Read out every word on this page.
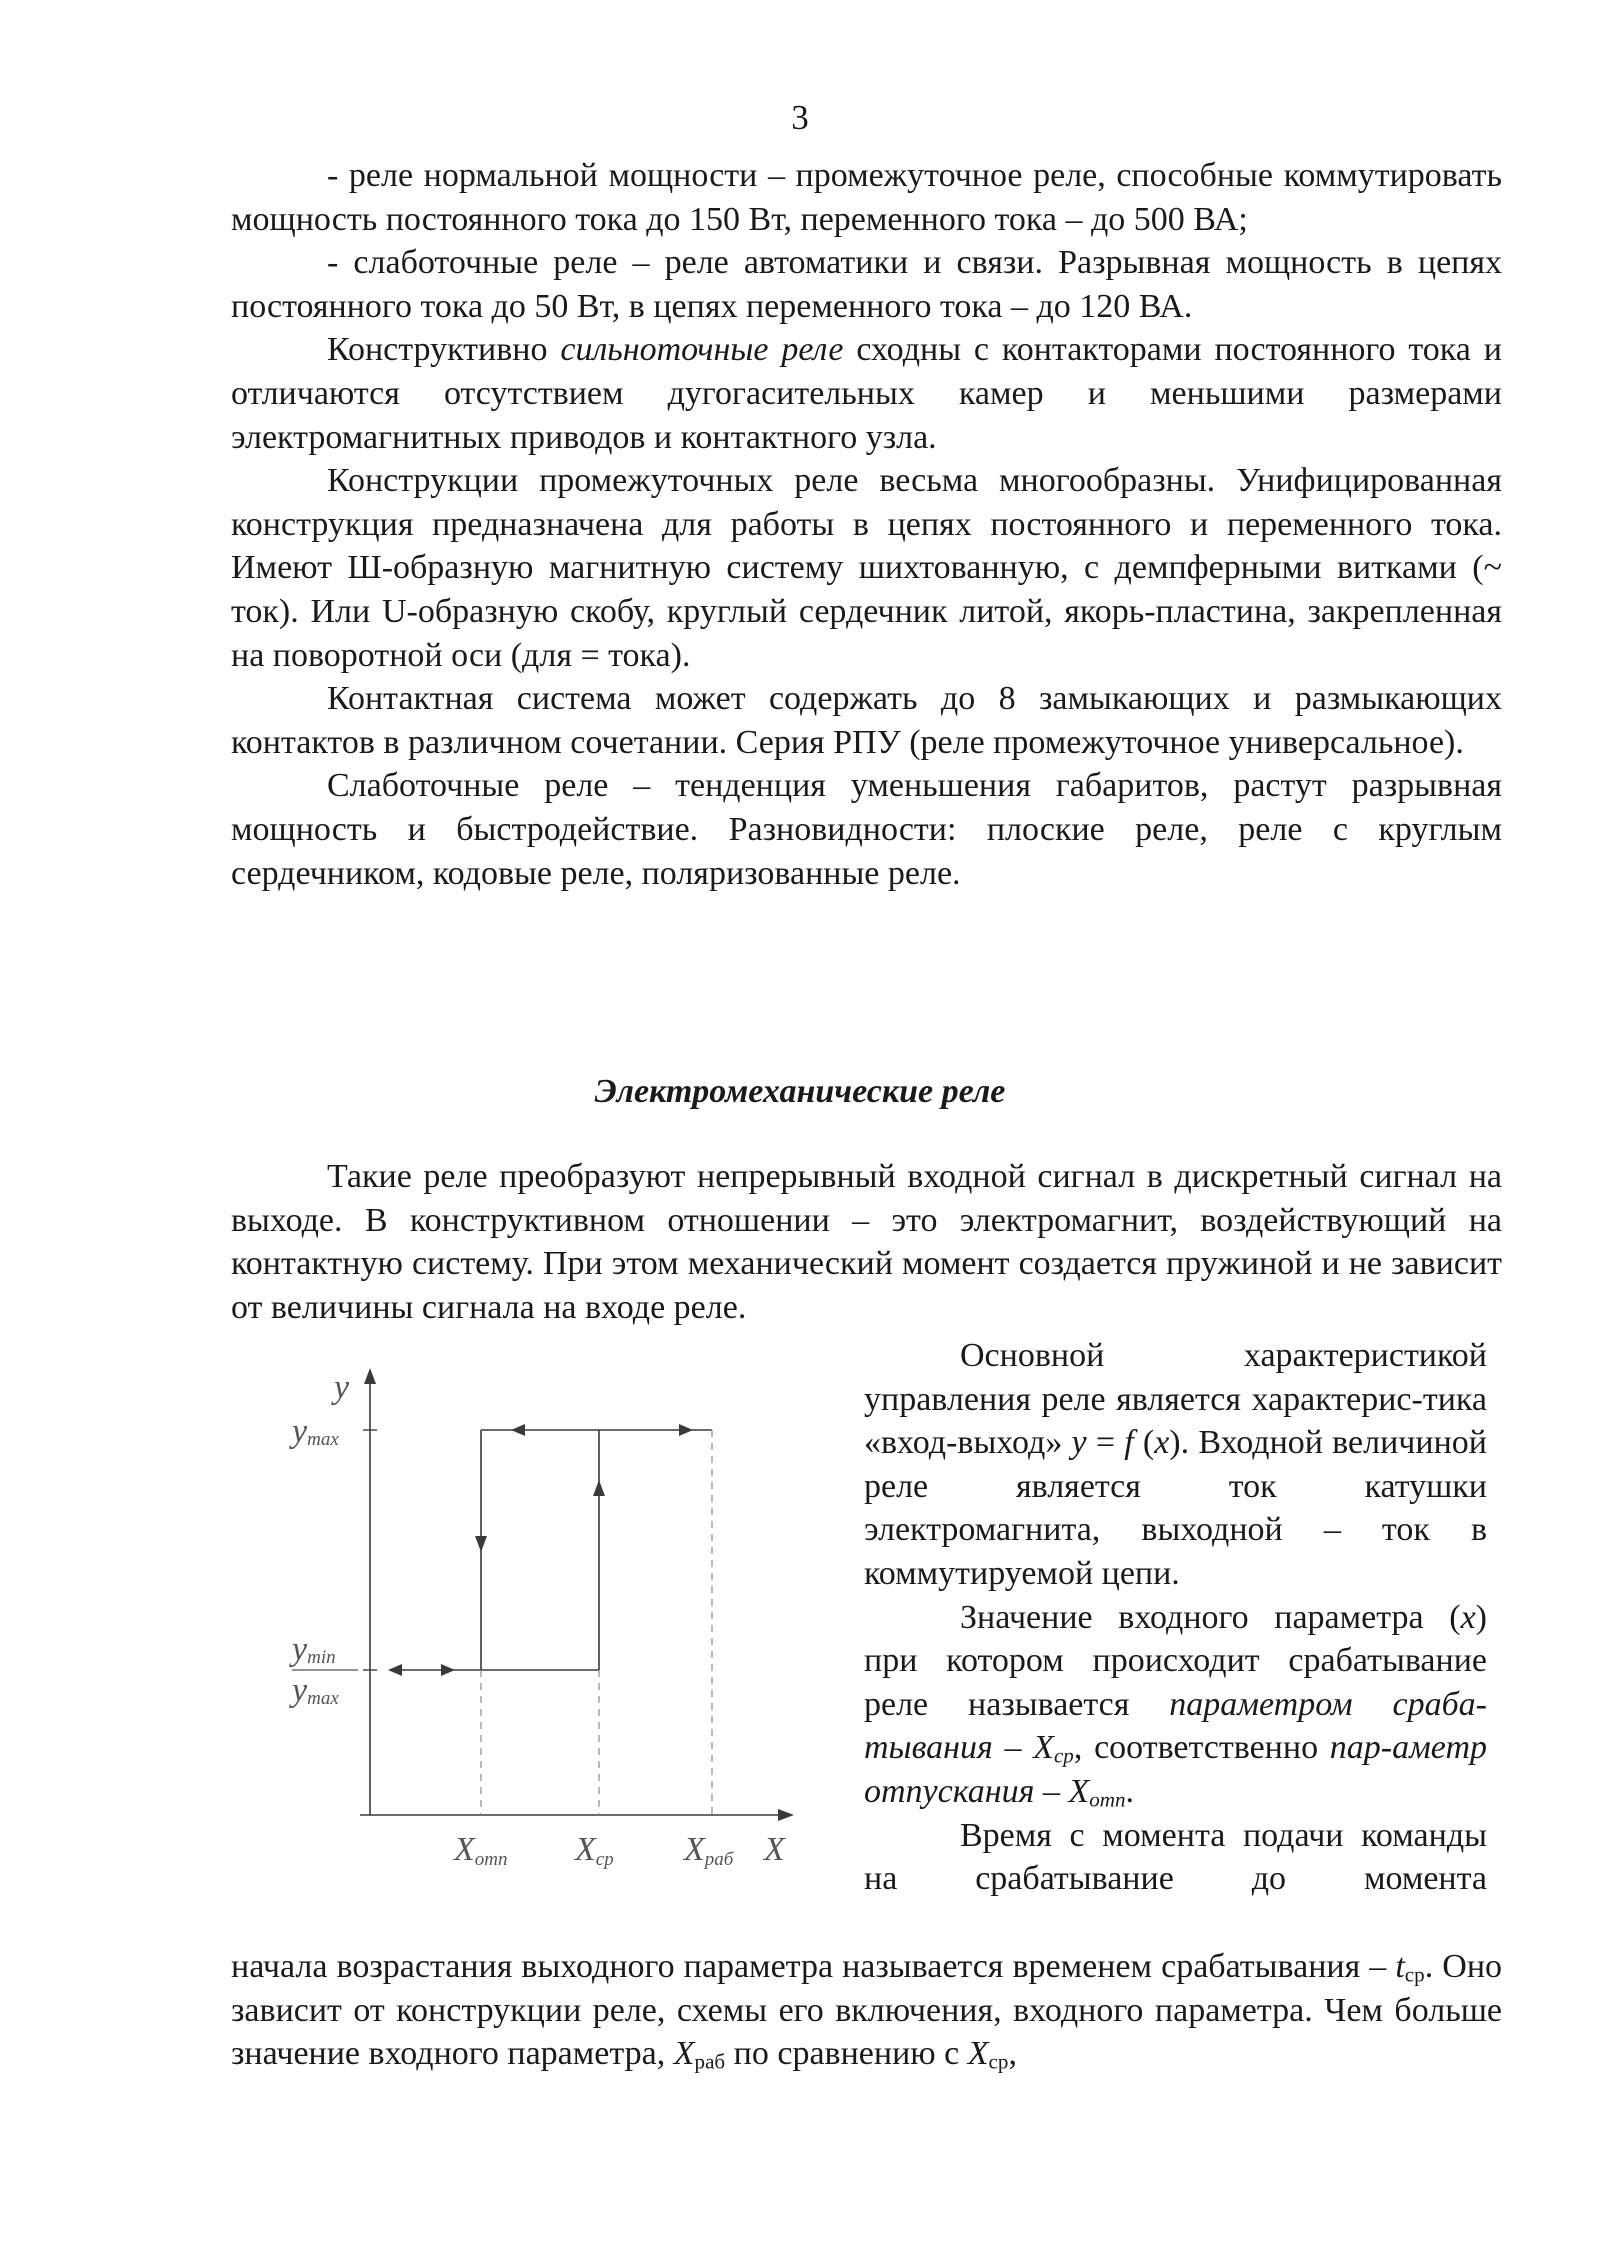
3

- реле нормальной мощности – промежуточное реле, способные коммутировать мощность постоянного тока до 150 Вт, переменного тока – до 500 ВА;

- слаботочные реле – реле автоматики и связи. Разрывная мощность в цепях постоянного тока до 50 Вт, в цепях переменного тока – до 120 ВА.

Конструктивно сильноточные реле сходны с контакторами постоянного тока и отличаются отсутствием дугогасительных камер и меньшими размерами электромагнитных приводов и контактного узла.

Конструкции промежуточных реле весьма многообразны. Унифицированная конструкция предназначена для работы в цепях постоянного и переменного тока. Имеют Ш-образную магнитную систему шихтованную, с демпферными витками (~ ток). Или U-образную скобу, круглый сердечник литой, якорь-пластина, закрепленная на поворотной оси (для = тока).

Контактная система может содержать до 8 замыкающих и размыкающих контактов в различном сочетании. Серия РПУ (реле промежуточное универсальное).

Слаботочные реле – тенденция уменьшения габаритов, растут разрывная мощность и быстродействие. Разновидности: плоские реле, реле с круглым сердечником, кодовые реле, поляризованные реле.

Электромеханические реле

Такие реле преобразуют непрерывный входной сигнал в дискретный сигнал на выходе. В конструктивном отношении – это электромагнит, воздействующий на контактную систему. При этом механический момент создается пружиной и не зависит от величины сигнала на входе реле.

y
ymax
ymin
ymax
Xотп Xср Xраб X

Основной характеристикой управления реле является характерис-тика «вход-выход» y = f (x). Входной величиной реле является ток катушки электромагнита, выходной – ток в коммутируемой цепи.

Значение входного параметра (x) при котором происходит срабатывание реле называется параметром сраба-тывания – $X_{ср}$, соответственно пар-аметр отпускания – $X_{отп}$.

Время с момента подачи команды на срабатывание до момента

начала возрастания выходного параметра называется временем срабатывания – $t_{ср}$. Оно зависит от конструкции реле, схемы его включения, входного параметра. Чем больше значение входного параметра, $X_{раб}$ по сравнению с $X_{ср}$,
